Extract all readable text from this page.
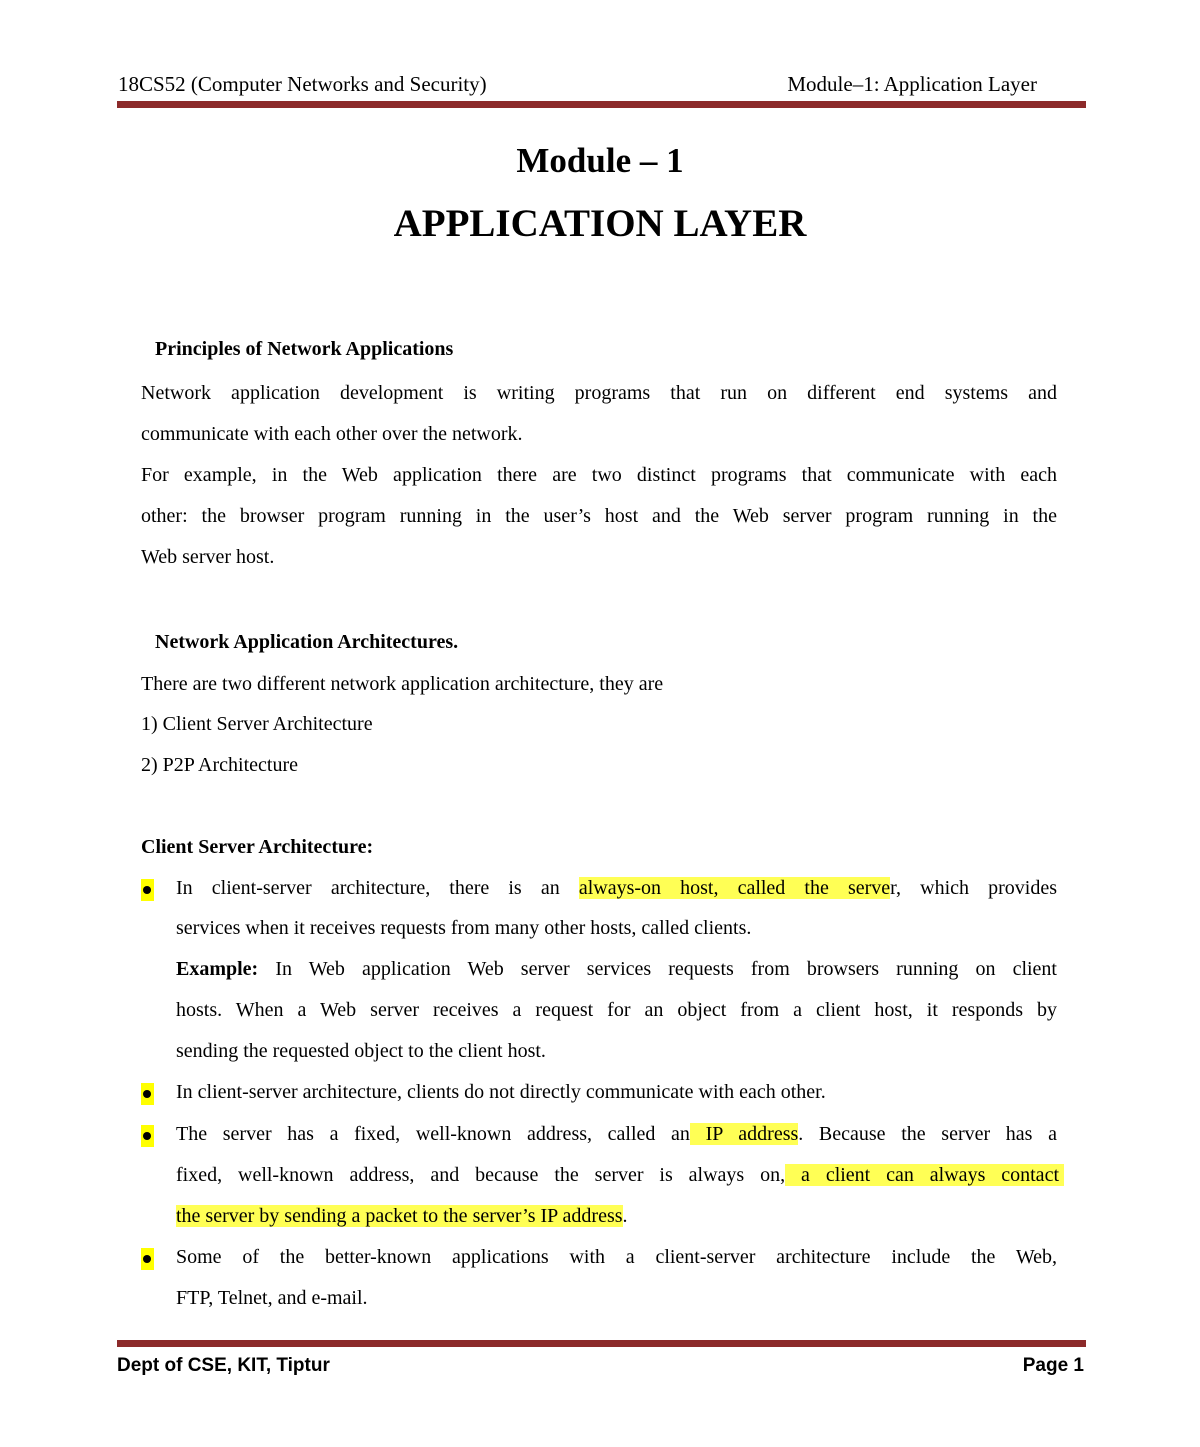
18CS52 (Computer Networks and Security)	Module–1: Application Layer
Module – 1
APPLICATION LAYER
Principles of Network Applications
Network application development is writing programs that run on different end systems and
communicate with each other over the network.
For example, in the Web application there are two distinct programs that communicate with each
other: the browser program running in the user’s host and the Web server program running in the
Web server host.
Network Application Architectures.
There are two different network application architecture, they are
1) Client Server Architecture
2) P2P Architecture
Client Server Architecture:
In client-server architecture, there is an always-on host, called the server, which provides
services when it receives requests from many other hosts, called clients.
Example: In Web application Web server services requests from browsers running on client
hosts. When a Web server receives a request for an object from a client host, it responds by
sending the requested object to the client host.
In client-server architecture, clients do not directly communicate with each other.
The server has a fixed, well-known address, called an IP address. Because the server has a
fixed, well-known address, and because the server is always on, a client can always contact
the server by sending a packet to the server’s IP address.
Some of the better-known applications with a client-server architecture include the Web,
FTP, Telnet, and e-mail.
Dept of CSE, KIT, Tiptur	Page 1
